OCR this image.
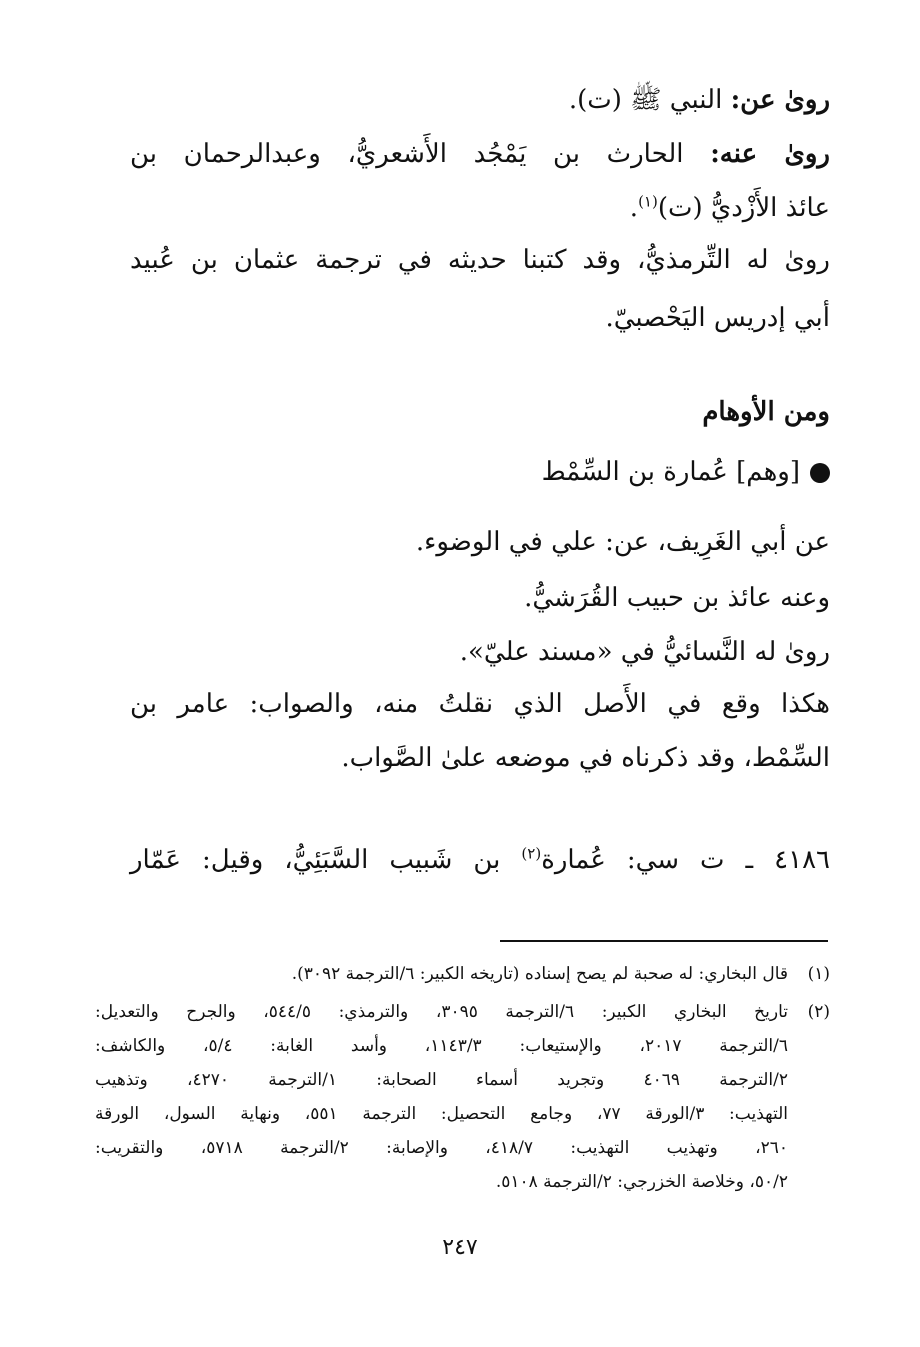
رویٰ عن: النبي ﷺ (ت).
رویٰ عنه: الحارث بن يَمْجُد الأَشعريُّ، وعبدالرحمان بن
عائذ الأَزْديُّ (ت)$^{(١)}$.
رویٰ له التِّرمذيُّ، وقد كتبنا حديثه في ترجمة عثمان بن عُبيد
أبي إدريس اليَحْصبيّ.
ومن الأوهام
[وهم] عُمارة بن السِّمْط
عن أبي الغَرِيف، عن: علي في الوضوء.
وعنه عائذ بن حبيب القُرَشيُّ.
رویٰ له النَّسائيُّ في «مسند عليّ».
هكذا وقع في الأَصل الذي نقلتُ منه، والصواب: عامر بن
السِّمْط، وقد ذكرناه في موضعه علیٰ الصَّواب.
٤١٨٦ ـ ت سي: عُمارة$^{(٢)}$ بن شَبيب السَّبَئِيُّ، وقيل: عَمّار
(١)قال البخاري: له صحبة لم يصح إسناده (تاريخه الكبير: ٦/الترجمة ٣٠٩٢).
(٢)تاريخ البخاري الكبير: ٦/الترجمة ٣٠٩٥، والترمذي: ٥٤٤/٥، والجرح والتعديل:
٦/الترجمة ٢٠١٧، والإستيعاب: ١١٤٣/٣، وأسد الغابة: ٥/٤، والكاشف:
٢/الترجمة ٤٠٦٩ وتجريد أسماء الصحابة: ١/الترجمة ٤٢٧٠، وتذهيب
التهذيب: ٣/الورقة ٧٧، وجامع التحصيل: الترجمة ٥٥١، ونهاية السول، الورقة
٢٦٠، وتهذيب التهذيب: ٤١٨/٧، والإصابة: ٢/الترجمة ٥٧١٨، والتقريب:
٥٠/٢، وخلاصة الخزرجي: ٢/الترجمة ٥١٠٨.
٢٤٧
